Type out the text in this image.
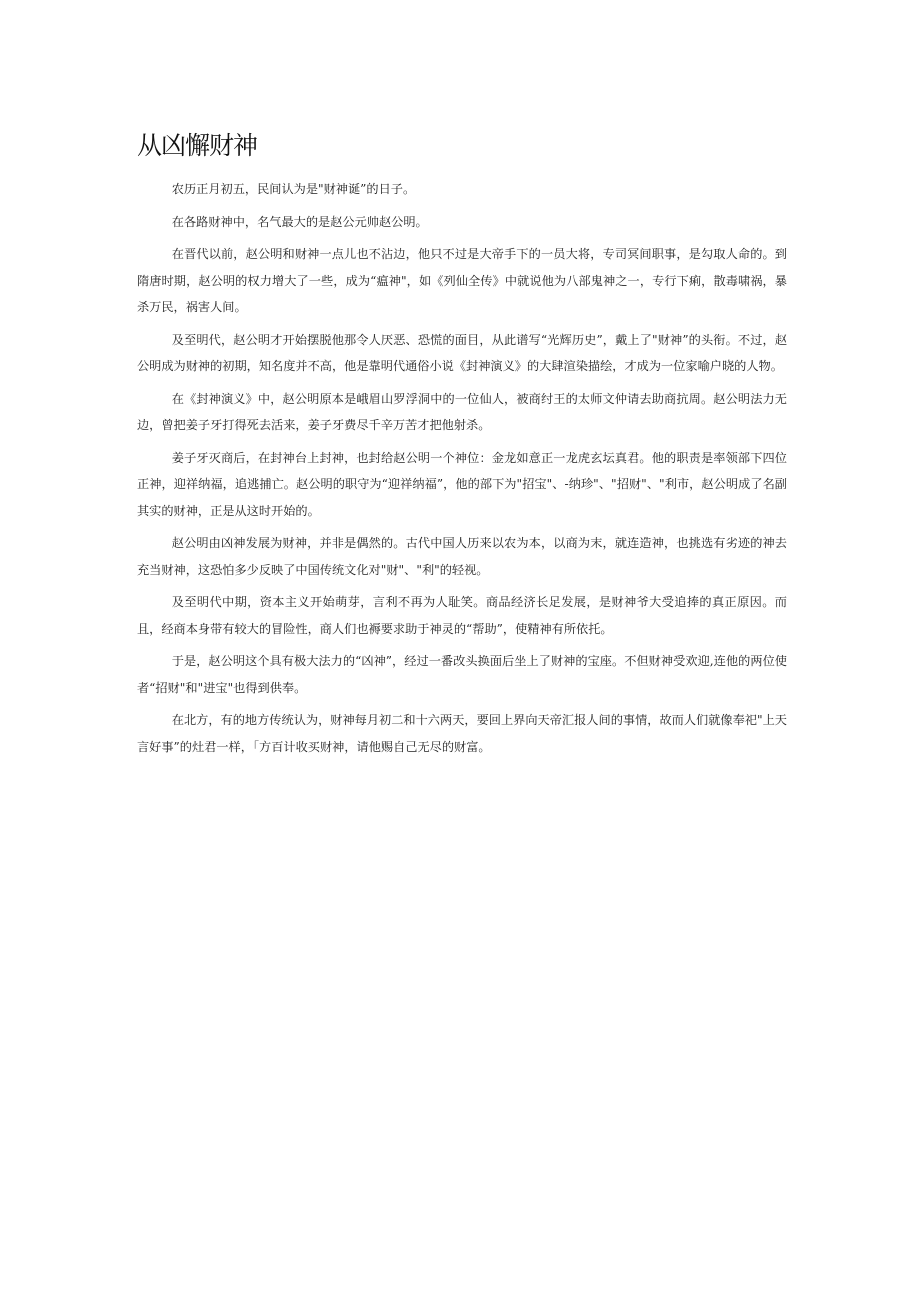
从凶懈财神

农历正月初五，民间认为是"财神诞”的日子。

在各路财神中，名气最大的是赵公元帅赵公明。

在晋代以前，赵公明和财神一点儿也不沾边，他只不过是大帝手下的一员大将，专司冥间职事，是勾取人命的。到隋唐时期，赵公明的权力增大了一些，成为“瘟神"，如《列仙全传》中就说他为八部鬼神之一，专行下痢，散毒啸祸，暴杀万民，祸害人间。

及至明代，赵公明才开始摆脱他那令人厌恶、恐慌的面目，从此谱写“光辉历史”，戴上了"财神”的头衔。不过，赵公明成为财神的初期，知名度并不高，他是靠明代通俗小说《封神演义》的大肆渲染描绘，才成为一位家喻户晓的人物。

在《封神演义》中，赵公明原本是峨眉山罗浮洞中的一位仙人，被商纣王的太师文仲请去助商抗周。赵公明法力无边，曾把姜子牙打得死去活来，姜子牙费尽千辛万苦才把他射杀。

姜子牙灭商后，在封神台上封神，也封给赵公明一个神位：金龙如意正一龙虎玄坛真君。他的职责是率领部下四位正神，迎祥纳福，追逃捕亡。赵公明的职守为“迎祥纳福”，他的部下为"招宝"、-纳珍"、"招财"、"利市，赵公明成了名副其实的财神，正是从这时开始的。

赵公明由凶神发展为财神，并非是偶然的。古代中国人历来以农为本，以商为末，就连造神，也挑选有劣迹的神去充当财神，这恐怕多少反映了中国传统文化对"财"、"利"的轻视。

及至明代中期，资本主义开始萌芽，言利不再为人耻笑。商品经济长足发展，是财神爷大受追捧的真正原因。而且，经商本身带有较大的冒险性，商人们也褥要求助于神灵的“帮助”，使精神有所依托。

于是，赵公明这个具有极大法力的“凶神”，经过一番改头换面后坐上了财神的宝座。不但财神受欢迎,连他的两位使者“招财"和"进宝"也得到供奉。

在北方，有的地方传统认为，财神每月初二和十六两天，要回上界向天帝汇报人间的事情，故而人们就像奉祀"上天言好事”的灶君一样，「方百计收买财神，请他赐自己无尽的财富。
